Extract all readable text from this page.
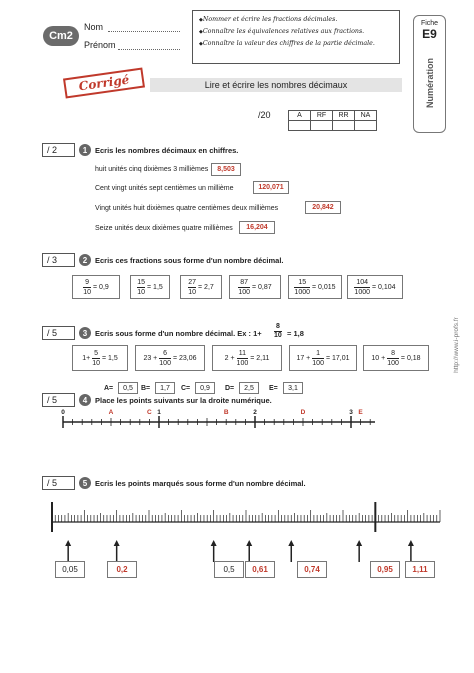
Cm2
Nom
Prénom
◆ Nommer et écrire les fractions décimales.
◆ Connaître les équivalences relatives aux fractions.
◆ Connaître la valeur des chiffres de la partie décimale.
Fiche
E9
Numération
Corrigé	Lire et écrire les nombres décimaux
/20	A	RF	RR	NA

http://www.i-profs.fr
/ 2	1	Ecris les nombres décimaux en chiffres.
huit unités cinq dixièmes 3 millièmes	8,503
Cent vingt unités sept centièmes un millième	120,071
Vingt unités huit dixièmes quatre centièmes deux millièmes	20,842
Seize unités deux dixièmes quatre millièmes	16,204
/ 3	2	Ecris ces fractions sous forme d'un nombre décimal.
$\frac{9}{10} = 0,9$	$\frac{15}{10} = 1,5$	$\frac{27}{10} = 2,7$	$\frac{87}{100} = 0,87$	$\frac{15}{1000} = 0,015$	$\frac{104}{1000} = 0,104$
/ 5	3	Ecris sous forme d'un nombre décimal. Ex : 1+
8
10 = 1,8
$1+ \frac{5}{10} = 1,5$	$23 + \frac{6}{100} = 23,06$	$2 + \frac{11}{100} = 2,11$	$17 + \frac{1}{100} = 17,01$	$10 + \frac{8}{100} = 0,18$
/ 5	4	Place les points suivants sur la droite numérique.
A=	0,5	B=	1,7	C=	0,9	D=	2,5	E=	3,1
0	A	C 1	B	2	D	3 E
/ 5	5	Ecris les points marqués sous forme d'un nombre décimal.
0,05	0,2	0,5	0,61	0,74	0,95	1,11
